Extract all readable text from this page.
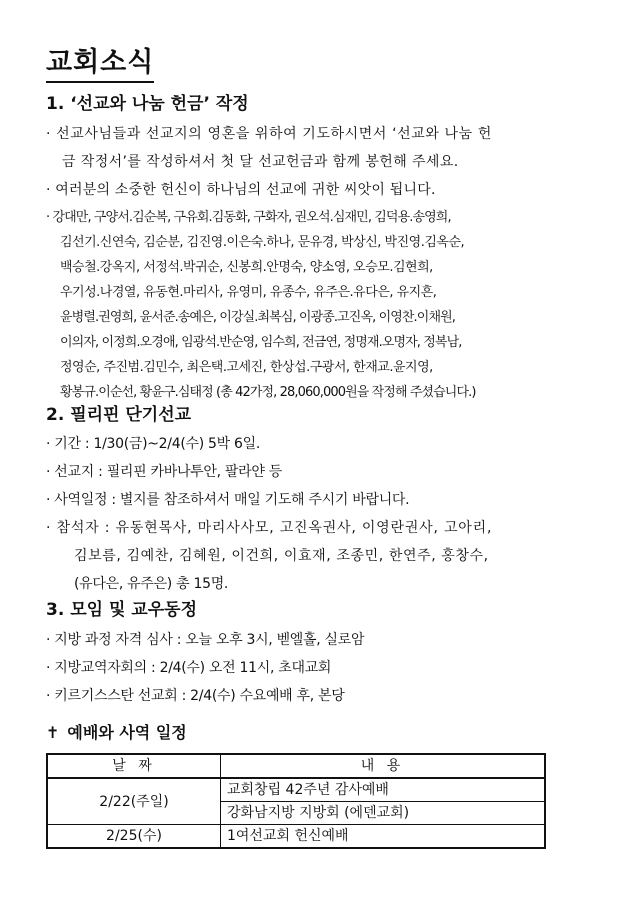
교회소식
1. ‘선교와 나눔 헌금’ 작정
· 선교사님들과 선교지의 영혼을 위하여 기도하시면서 ‘선교와 나눔 헌
금 작정서’를 작성하셔서 첫 달 선교헌금과 함께 봉헌해 주세요.
· 여러분의 소중한 헌신이 하나님의 선교에 귀한 씨앗이 됩니다.
· 강대만, 구양서.김순복, 구유회.김동화, 구화자, 권오석.심재민, 김덕용.송영희,
김선기.신연숙, 김순분, 김진영.이은숙.하나, 문유경, 박상신, 박진영.김옥순,
백승철.강옥지, 서정석.박귀순, 신봉희.안명숙, 양소영, 오승모.김현희,
우기성.나경열, 유동현.마리사, 유영미, 유종수, 유주은.유다은, 유지흔,
윤병렬.권영희, 윤서준.송예은, 이강실.최복심, 이광종.고진옥, 이영찬.이채원,
이의자, 이정희.오경애, 임광석.반순영, 임수희, 전금연, 정명재.오명자, 정복남,
정영순, 주진범.김민수, 최은택.고세진, 한상섭.구광서, 한재교.윤지영,
황봉규.이순선, 황윤구.심태정 (총 42가정, 28,060,000원을 작정해 주셨습니다.)
2. 필리핀 단기선교
· 기간 : 1/30(금)~2/4(수) 5박 6일.
· 선교지 : 필리핀 카바나투안, 팔라얀 등
· 사역일정 : 별지를 참조하셔서 매일 기도해 주시기 바랍니다.
· 참석자 : 유동현목사, 마리사사모, 고진옥권사, 이영란권사, 고아리,
김보름, 김예찬, 김혜원, 이건희, 이효재, 조종민, 한연주, 홍창수,
(유다은, 유주은) 총 15명.
3. 모임 및 교우동정
· 지방 과정 자격 심사 : 오늘 오후 3시, 벧엘홀, 실로암
· 지방교역자회의 : 2/4(수) 오전 11시, 초대교회
· 키르기스스탄 선교회 : 2/4(수) 수요예배 후, 본당
✝ 예배와 사역 일정
날 짜	내 용
2/22(주일)	교회창립 42주년 감사예배
	강화남지방 지방회 (에덴교회)
2/25(수)	1여선교회 헌신예배
